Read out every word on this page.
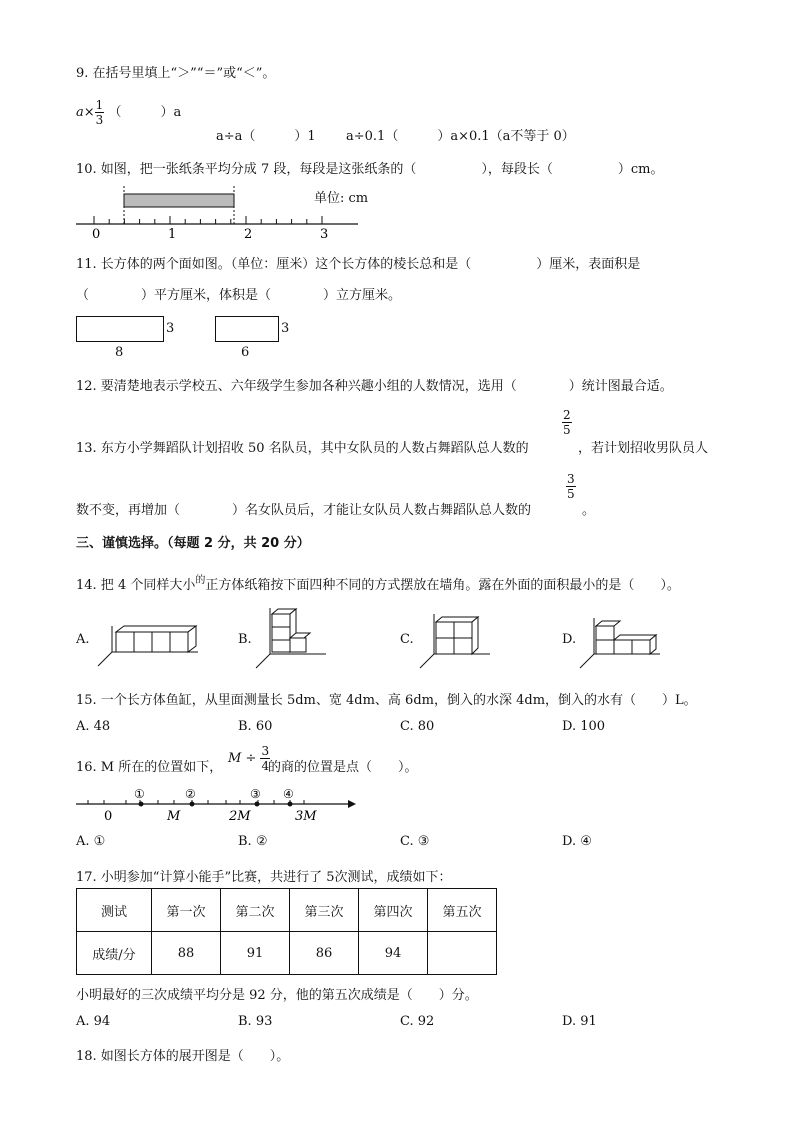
9. 在括号里填上“＞”“＝”或“＜”。
$a\times \frac{1}{3}$ （　　　）a
a÷a（　　　）1 a÷0.1（　　　）a×0.1（a不等于 0）
10. 如图，把一张纸条平均分成 7 段，每段是这张纸条的（　　　　　），每段长（　　　　　）cm。
0	1	2	3
单位: cm
11. 长方体的两个面如图。（单位：厘米）这个长方体的棱长总和是（　　　　　）厘米，表面积是
（　　　　）平方厘米，体积是（　　　　）立方厘米。
3
8
3
6
12. 要清楚地表示学校五、六年级学生参加各种兴趣小组的人数情况，选用（　　　　）统计图最合适。
13. 东方小学舞蹈队计划招收 50 名队员，其中女队员的人数占舞蹈队总人数的
$\frac{2}{5}$
，若计划招收男队员人
数不变，再增加（　　　　）名女队员后，才能让女队员人数占舞蹈队总人数的
$\frac{3}{5}$
。
三、谨慎选择。（每题 2 分，共 20 分）
14. 把 4 个同样大小$^的$正方体纸箱按下面四种不同的方式摆放在墙角。露在外面的面积最小的是（　　）。
A.	B.	C.	D.
15. 一个长方体鱼缸，从里面测量长 5dm、宽 4dm、高 6dm，倒入的水深 4dm，倒入的水有（　　）L。
A. 48	B. 60	C. 80	D. 100
16. M 所在的位置如下，
$M \div \frac{3}{4}$
的商的位置是点（　　）。
①	②	③ ④
0	M	2M	3M
A. ①	B. ②	C. ③	D. ④
17. 小明参加“计算小能手”比赛，共进行了 5次测试，成绩如下：
测试	第一次	第二次	第三次	第四次	第五次
成绩/分	88	91	86	94	
小明最好的三次成绩平均分是 92 分，他的第五次成绩是（　　）分。
A. 94	B. 93	C. 92	D. 91
18. 如图长方体的展开图是（　　）。
